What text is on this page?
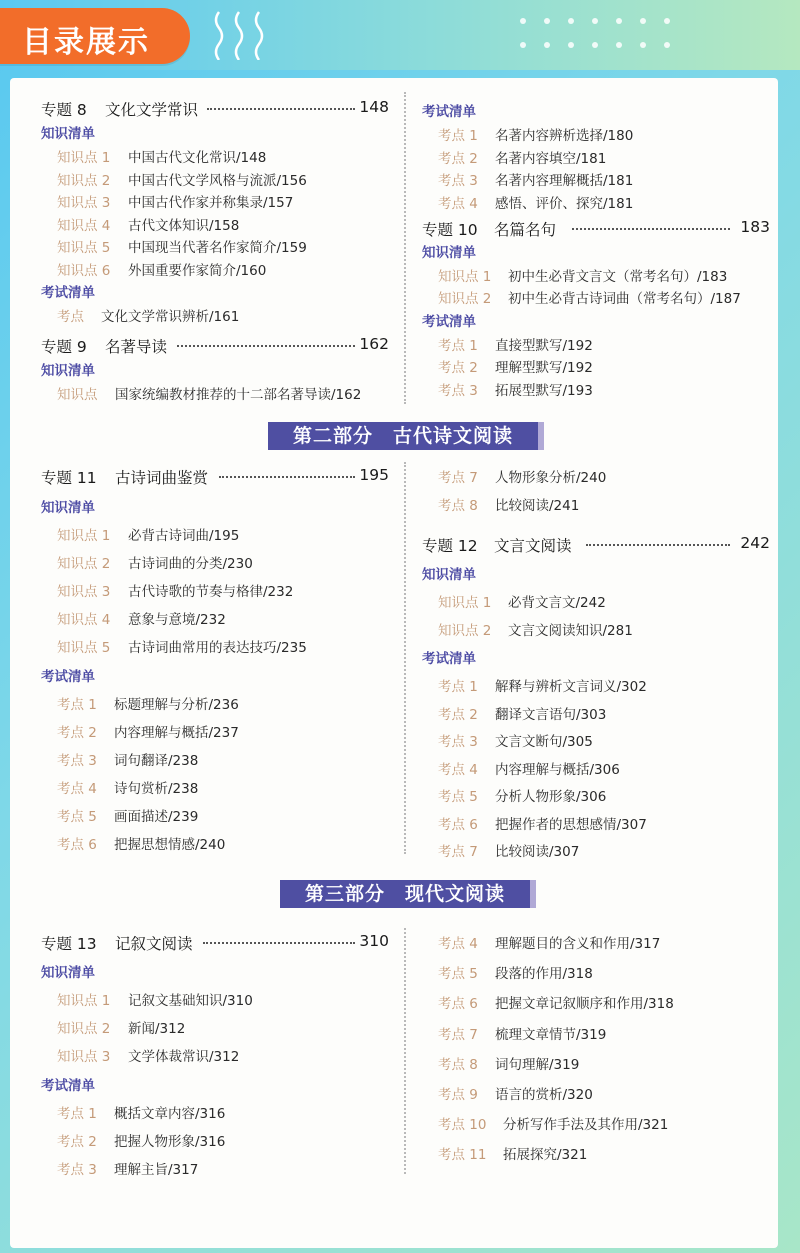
目录展示
第二部分　古代诗文阅读
第三部分　现代文阅读
专题 8 文化文学常识	148
知识清单
知识点 1 中国古代文化常识/148
知识点 2 中国古代文学风格与流派/156
知识点 3 中国古代作家并称集录/157
知识点 4 古代文体知识/158
知识点 5 中国现当代著名作家简介/159
知识点 6 外国重要作家简介/160
考试清单
考点 文化文学常识辨析/161
专题 9 名著导读	162
知识清单
知识点 国家统编教材推荐的十二部名著导读/162
考试清单
考点 1 名著内容辨析选择/180
考点 2 名著内容填空/181
考点 3 名著内容理解概括/181
考点 4 感悟、评价、探究/181
专题 10 名篇名句	183
知识清单
知识点 1 初中生必背文言文（常考名句）/183
知识点 2 初中生必背古诗词曲（常考名句）/187
考试清单
考点 1 直接型默写/192
考点 2 理解型默写/192
考点 3 拓展型默写/193
专题 11 古诗词曲鉴赏	195
知识清单
知识点 1 必背古诗词曲/195
知识点 2 古诗词曲的分类/230
知识点 3 古代诗歌的节奏与格律/232
知识点 4 意象与意境/232
知识点 5 古诗词曲常用的表达技巧/235
考试清单
考点 1 标题理解与分析/236
考点 2 内容理解与概括/237
考点 3 词句翻译/238
考点 4 诗句赏析/238
考点 5 画面描述/239
考点 6 把握思想情感/240
考点 7 人物形象分析/240
考点 8 比较阅读/241
专题 12 文言文阅读	242
知识清单
知识点 1 必背文言文/242
知识点 2 文言文阅读知识/281
考试清单
考点 1 解释与辨析文言词义/302
考点 2 翻译文言语句/303
考点 3 文言文断句/305
考点 4 内容理解与概括/306
考点 5 分析人物形象/306
考点 6 把握作者的思想感情/307
考点 7 比较阅读/307
专题 13 记叙文阅读	310
知识清单
知识点 1 记叙文基础知识/310
知识点 2 新闻/312
知识点 3 文学体裁常识/312
考试清单
考点 1 概括文章内容/316
考点 2 把握人物形象/316
考点 3 理解主旨/317
考点 4 理解题目的含义和作用/317
考点 5 段落的作用/318
考点 6 把握文章记叙顺序和作用/318
考点 7 梳理文章情节/319
考点 8 词句理解/319
考点 9 语言的赏析/320
考点 10 分析写作手法及其作用/321
考点 11 拓展探究/321
